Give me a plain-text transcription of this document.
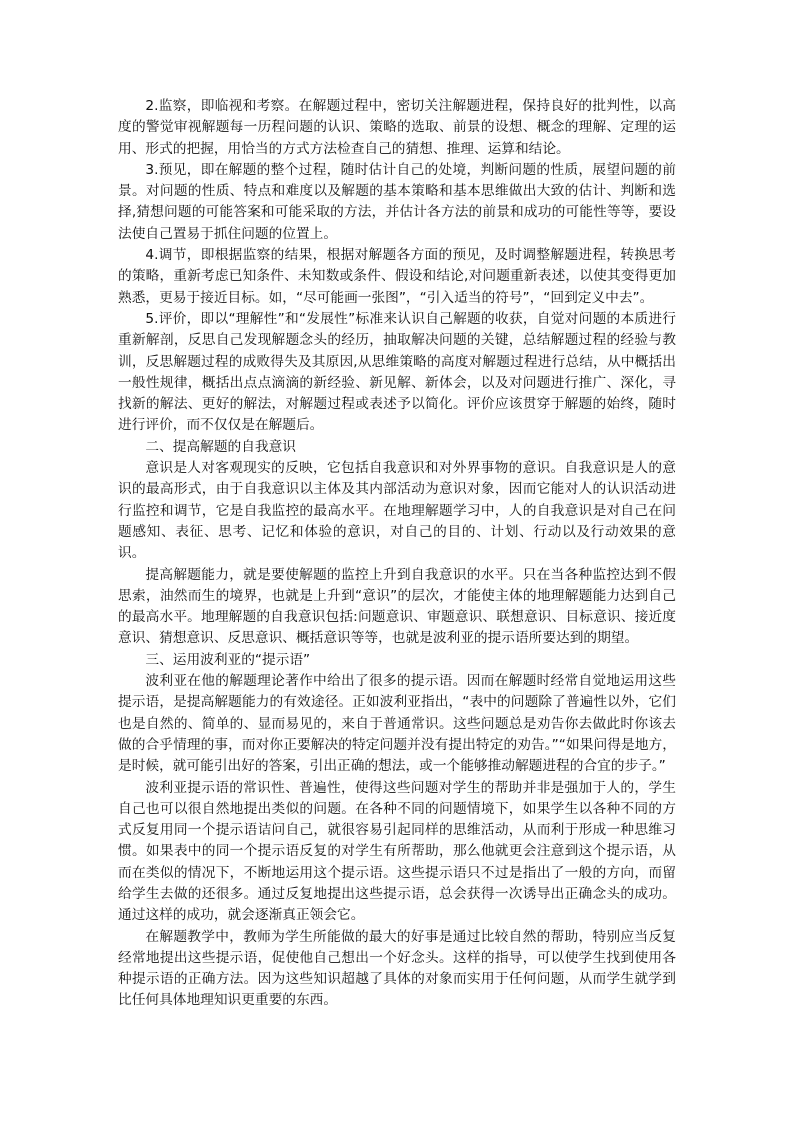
2.监察，即临视和考察。在解题过程中，密切关注解题进程，保持良好的批判性，以高度的警觉审视解题每一历程问题的认识、策略的选取、前景的设想、概念的理解、定理的运用、形式的把握，用恰当的方式方法检查自己的猜想、推理、运算和结论。

3.预见，即在解题的整个过程，随时估计自己的处境，判断问题的性质，展望问题的前景。对问题的性质、特点和难度以及解题的基本策略和基本思维做出大致的估计、判断和选择,猜想问题的可能答案和可能采取的方法，并估计各方法的前景和成功的可能性等等，要设法使自己置易于抓住问题的位置上。

4.调节，即根据监察的结果，根据对解题各方面的预见，及时调整解题进程，转换思考的策略，重新考虑已知条件、未知数或条件、假设和结论,对问题重新表述，以使其变得更加熟悉，更易于接近目标。如，“尽可能画一张图”，“引入适当的符号”，“回到定义中去”。

5.评价，即以“理解性”和“发展性”标准来认识自己解题的收获，自觉对问题的本质进行重新解剖，反思自己发现解题念头的经历，抽取解决问题的关键，总结解题过程的经验与教训，反思解题过程的成败得失及其原因,从思维策略的高度对解题过程进行总结，从中概括出一般性规律，概括出点点滴滴的新经验、新见解、新体会，以及对问题进行推广、深化，寻找新的解法、更好的解法，对解题过程或表述予以简化。评价应该贯穿于解题的始终，随时进行评价，而不仅仅是在解题后。

二、提高解题的自我意识

意识是人对客观现实的反映，它包括自我意识和对外界事物的意识。自我意识是人的意识的最高形式，由于自我意识以主体及其内部活动为意识对象，因而它能对人的认识活动进行监控和调节，它是自我监控的最高水平。在地理解题学习中，人的自我意识是对自己在问题感知、表征、思考、记忆和体验的意识，对自己的目的、计划、行动以及行动效果的意识。

提高解题能力，就是要使解题的监控上升到自我意识的水平。只在当各种监控达到不假思索，油然而生的境界，也就是上升到“意识”的层次，才能使主体的地理解题能力达到自己的最高水平。地理解题的自我意识包括:问题意识、审题意识、联想意识、目标意识、接近度意识、猜想意识、反思意识、概括意识等等，也就是波利亚的提示语所要达到的期望。

三、运用波利亚的“提示语”

波利亚在他的解题理论著作中给出了很多的提示语。因而在解题时经常自觉地运用这些提示语，是提高解题能力的有效途径。正如波利亚指出，“表中的问题除了普遍性以外，它们也是自然的、简单的、显而易见的，来自于普通常识。这些问题总是劝告你去做此时你该去做的合乎情理的事，而对你正要解决的特定问题并没有提出特定的劝告。”“如果问得是地方，是时候，就可能引出好的答案，引出正确的想法，或一个能够推动解题进程的合宜的步子。”

波利亚提示语的常识性、普遍性，使得这些问题对学生的帮助并非是强加于人的，学生自己也可以很自然地提出类似的问题。在各种不同的问题情境下，如果学生以各种不同的方式反复用同一个提示语诘问自己，就很容易引起同样的思维活动，从而利于形成一种思维习惯。如果表中的同一个提示语反复的对学生有所帮助，那么他就更会注意到这个提示语，从而在类似的情况下，不断地运用这个提示语。这些提示语只不过是指出了一般的方向，而留给学生去做的还很多。通过反复地提出这些提示语，总会获得一次诱导出正确念头的成功。通过这样的成功，就会逐渐真正领会它。

在解题教学中，教师为学生所能做的最大的好事是通过比较自然的帮助，特别应当反复经常地提出这些提示语，促使他自己想出一个好念头。这样的指导，可以使学生找到使用各种提示语的正确方法。因为这些知识超越了具体的对象而实用于任何问题，从而学生就学到比任何具体地理知识更重要的东西。
